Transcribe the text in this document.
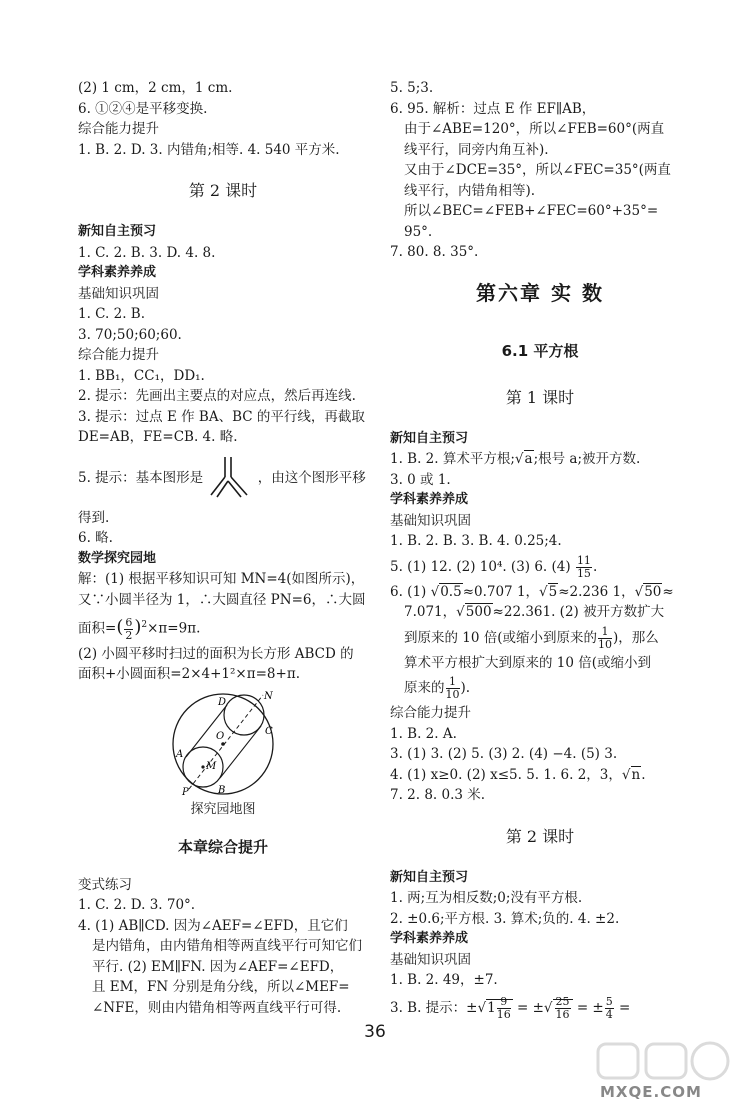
(2) 1 cm，2 cm，1 cm.

6. ①②④是平移变换.

综合能力提升

1. B. 2. D. 3. 内错角;相等. 4. 540 平方米.

第 2 课时

新知自主预习

1. C. 2. B. 3. D. 4. 8.

学科素养养成

基础知识巩固

1. C. 2. B.

3. 70;50;60;60.

综合能力提升

1. BB₁，CC₁，DD₁.

2. 提示：先画出主要点的对应点，然后再连线.

3. 提示：过点 E 作 BA、BC 的平行线，再截取

DE=AB，FE=CB. 4. 略.

5. 提示：基本图形是	，由这个图形平移

得到.

6. 略.

数学探究园地

解：(1) 根据平移知识可知 MN=4(如图所示)，

又∵小圆半径为 1，∴大圆直径 PN=6，∴大圆

面积=( $\frac{6}{2} )^2\times\pi=9\pi$.

(2) 小圆平移时扫过的面积为长方形 ABCD 的

面积+小圆面积=2×4+1²×π=8+π.

D
N
O	C
A
M
P	B
探究园地图

本章综合提升

变式练习

1. C. 2. D. 3. 70°.

4. (1) AB∥CD. 因为∠AEF=∠EFD，且它们

是内错角，由内错角相等两直线平行可知它们

平行. (2) EM∥FN. 因为∠AEF=∠EFD，

且 EM，FN 分别是角分线，所以∠MEF=

∠NFE，则由内错角相等两直线平行可得.

5. 5;3.

6. 95. 解析：过点 E 作 EF∥AB，

由于∠ABE=120°，所以∠FEB=60°(两直

线平行，同旁内角互补).

又由于∠DCE=35°，所以∠FEC=35°(两直

线平行，内错角相等).

所以∠BEC=∠FEB+∠FEC=60°+35°=

95°.

7. 80. 8. 35°.

第六章 实 数

6.1 平方根

第 1 课时

新知自主预习

1. B. 2. 算术平方根;√a;根号 a;被开方数.

3. 0 或 1.

学科素养养成

基础知识巩固

1. B. 2. B. 3. B. 4. 0.25;4.

5. (1) 12. (2) 10⁴. (3) 6. $(4) \frac{11}{15}$ .

6. (1) √0.5≈0.707 1，√5≈2.236 1，√50≈

7.071，√500≈22.361. (2) 被开方数扩大

到原来的 10 倍(或缩小到原来的 $\frac{1}{10}$ )，那么

算术平方根扩大到原来的 10 倍(或缩小到

原来的 $\frac{1}{10}$ ).

综合能力提升

1. B. 2. A.

3. (1) 3. (2) 5. (3) 2. (4) −4. (5) 3.

4. (1) x≥0. (2) x≤5. 5. 1. 6. 2，3，√n.

7. 2. 8. 0.3 米.

第 2 课时

新知自主预习

1. 两;互为相反数;0;没有平方根.

2. ±0.6;平方根. 3. 算术;负的. 4. ±2.

学科素养养成

基础知识巩固

1. B. 2. 49，±7.

3. B. 提示：$\pm√1 \frac{9}{16}$ = ±√ $\frac{25}{16}$ = ± $\frac{5}{4}$ =

36
MXQE.COM
